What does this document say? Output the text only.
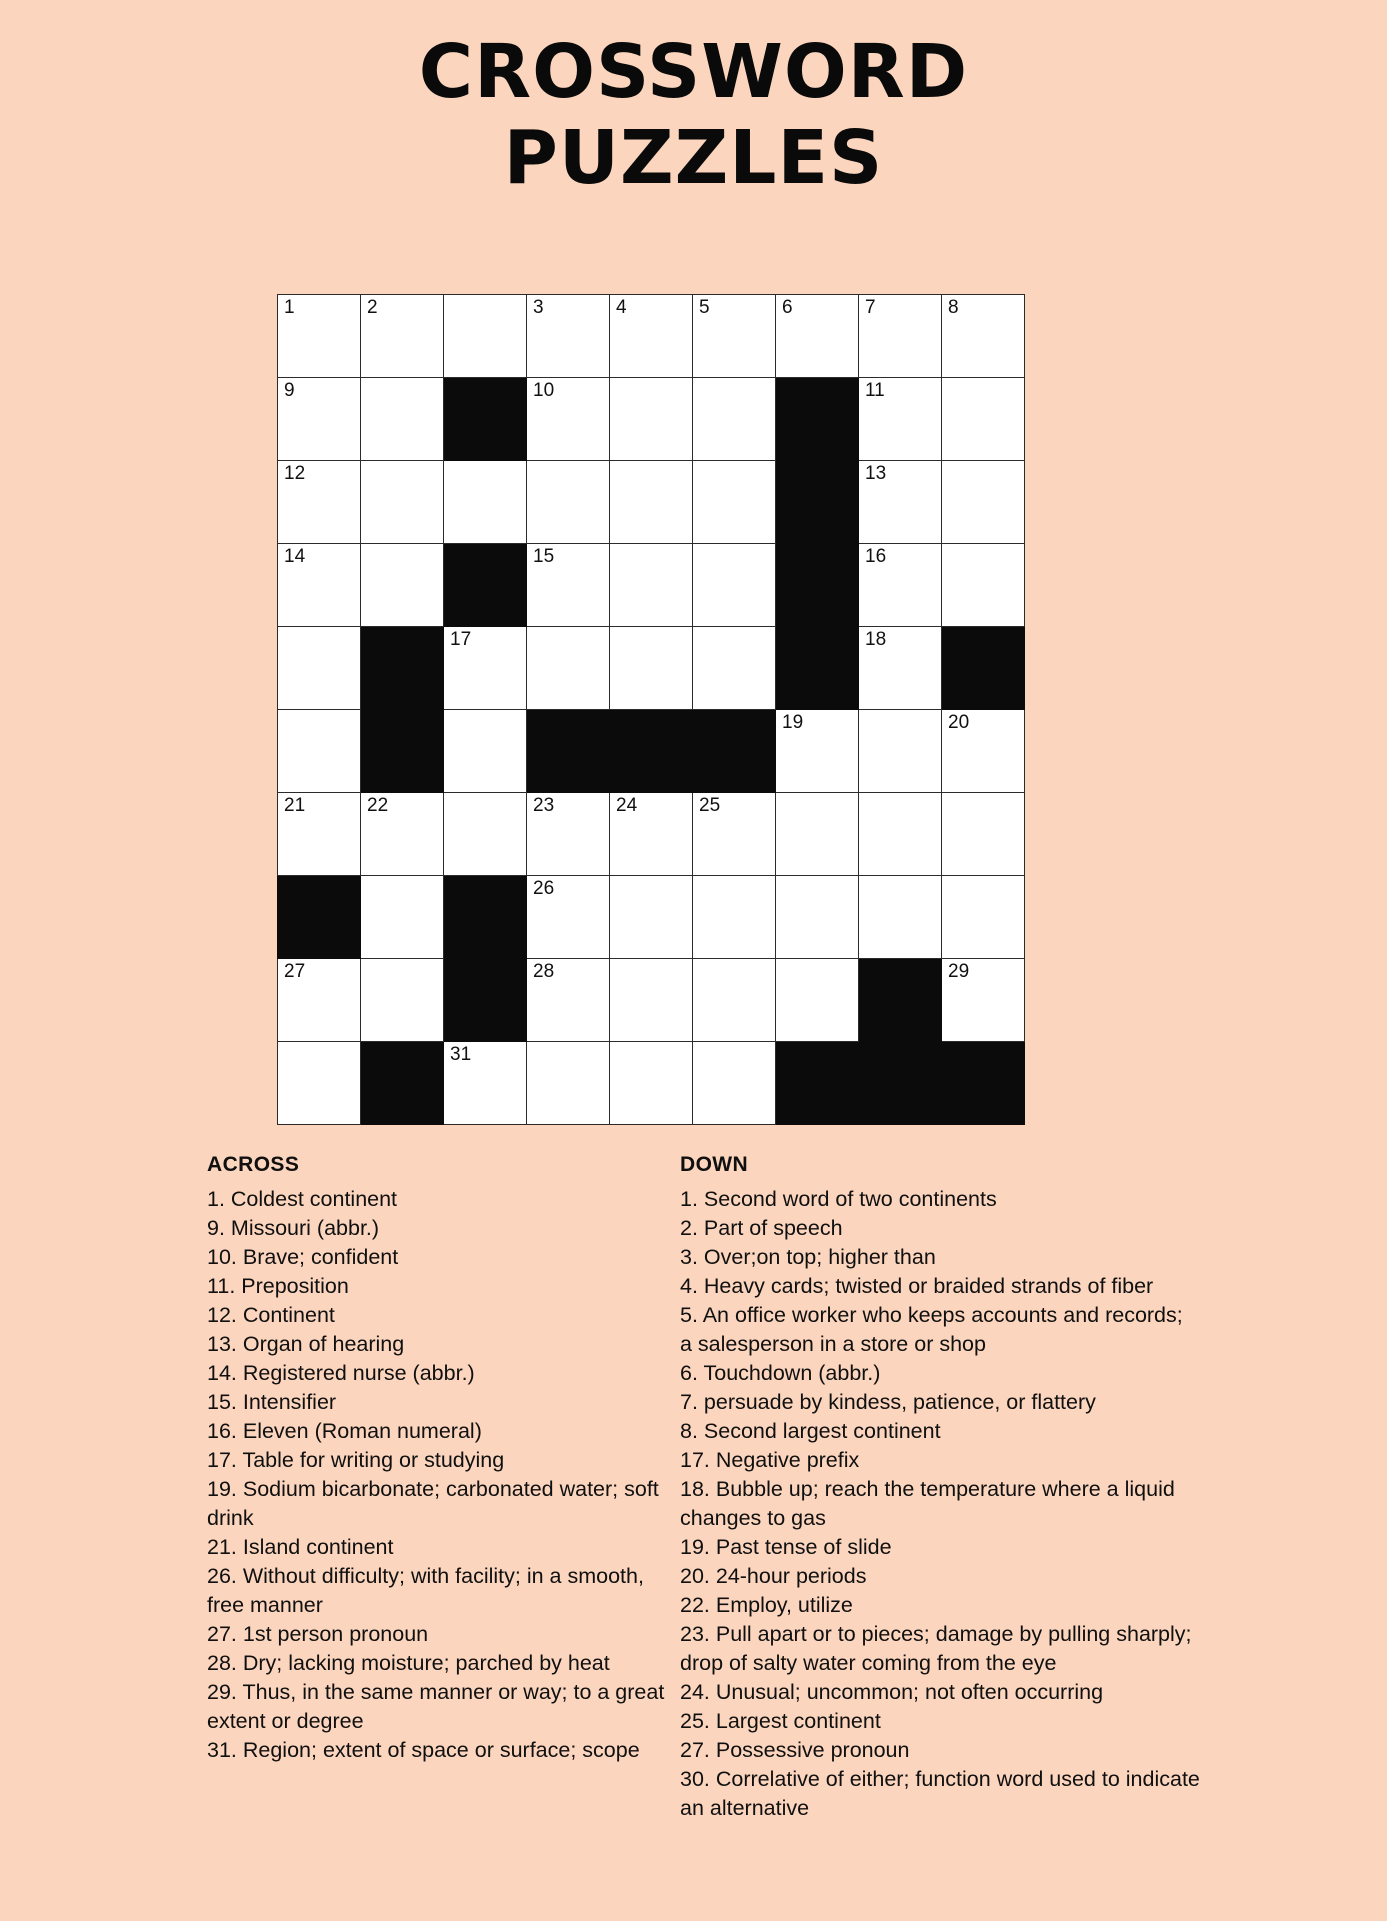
CROSSWORD
PUZZLES
1	2		3	4	5	6	7	8

9			10				11	

12							13	

14			15				16	

		17					18	

						19		20

21	22		23	24	25			

			26					

27			28					29

		31						

ACROSS
1. Coldest continent
9. Missouri (abbr.)
10. Brave; confident
11. Preposition
12. Continent
13. Organ of hearing
14. Registered nurse (abbr.)
15. Intensifier
16. Eleven (Roman numeral)
17. Table for writing or studying
19. Sodium bicarbonate; carbonated water; soft drink
21. Island continent
26. Without difficulty; with facility; in a smooth, free manner
27. 1st person pronoun
28. Dry; lacking moisture; parched by heat
29. Thus, in the same manner or way; to a great extent or degree
31. Region; extent of space or surface; scope
DOWN
1. Second word of two continents
2. Part of speech
3. Over;on top; higher than
4. Heavy cards; twisted or braided strands of fiber
5. An office worker who keeps accounts and records; a salesperson in a store or shop
6. Touchdown (abbr.)
7. persuade by kindess, patience, or flattery
8. Second largest continent
17. Negative prefix
18. Bubble up; reach the temperature where a liquid changes to gas
19. Past tense of slide
20. 24-hour periods
22. Employ, utilize
23. Pull apart or to pieces; damage by pulling sharply; drop of salty water coming from the eye
24. Unusual; uncommon; not often occurring
25. Largest continent
27. Possessive pronoun
30. Correlative of either; function word used to indicate an alternative
